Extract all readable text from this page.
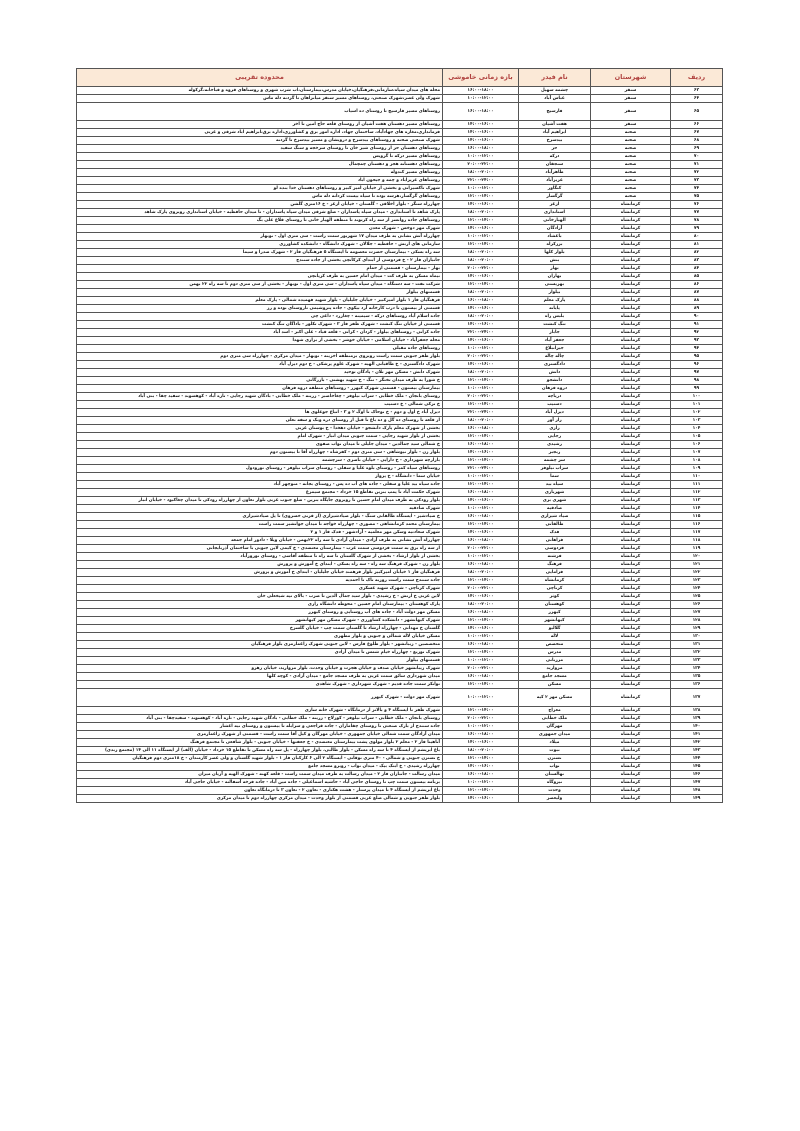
ردیف	شهرستان	نام فیدر	بازه زمانی خاموشی	محدوده تقریبی
۶۳	سنقر	چشمه سهیل	۱۶:۰۰-۱۸:۰۰	محله های میدان سپاه،سازمانی،فرهنگیان،خیابان مدرس،بیمارستان،اب شرب شهری و روستاهای قروه و قباخانه،گرکوله
۶۴	سنقر	عباس آباد	۱۰:۰۰-۱۲:۰۰	شهرک ولی عصر،شهرک صنعتی، روستاهای مسیر سنقر میانراهان تا گردنه دله ماس
۶۵	سنقر	فارسیج	۱۶:۰۰-۱۸:۰۰	روستاهای مسیر فارسیج تا روستای ده اسیاب
۶۶	سنقر	هفت آشیان	۱۴:۰۰-۱۶:۰۰	روستاهای مسیر دهستان هفت آشیان از روستای قلعه حاج امین تا اخر
۶۷	صحنه	ابراهیم آباد	۱۴:۰۰-۱۶:۰۰	فرمانداری،مغازه های جهادآباد، ساختمان جهاد، اداره امور برق و کشاورزی،اداره برق،ابراهیم اباد شرقی و غربی
۶۸	صحنه	بیدسرخ	۱۴:۰۰-۱۶:۰۰	شهرک صنعتی صحنه و روستاهای بیدسرخ و درویشان و مسیر بیدسرخ تا گردنه
۶۹	صحنه	حر	۱۶:۰۰-۱۸:۰۰	روستاهای دهستان حر از روستای شیر خان تا روستای سرخجه و سنگ سفید
۷۰	صحنه	درکه	۱۰:۰۰-۱۲:۰۰	روستاهای مسیر درکه تا گرویس
۷۱	صحنه	سنجقان	۲۰:۰۰-۲۲:۰۰	روستاهای دهستانه هجر و دهستان چمچمال
۷۲	صحنه	طاهرآباد	۱۸:۰۰-۲۰:۰۰	روستاهای مسیر کندوله
۷۳	صحنه	عزیزآباد	۲۲:۰۰-۲۴:۰۰	روستاهای عزیزاباد و چمه و جیحون اباد
۷۴	صحنه	کنگاور	۱۰:۰۰-۱۲:۰۰	شهرک تاکسیرانی و بخشی از خیابان امیر کبیر و روستاهای دهستان خدا بنده لو
۷۵	صحنه	گرگسار	۱۲:۰۰-۱۴:۰۰	روستاهای گرگسار،هرسه بوده تا سیاه بیست کردانه دله ماس
۷۶	کرمانشاه	ازغر	۱۴:۰۰-۱۶:۰۰	چهارراه سنگر - بلوار اخلاقی - گلستان - خیابان ازغر - خ ۱۶متری گلشن
۷۷	کرمانشاه	استانداری	۱۸:۰۰-۲۰:۰۰	پارک شاهد تا استانداری - میدان سپاه پاسداران - ضلع شرقی میدان سپاه پاسداران - تا میدان حافظیه - خیابان استانداری روبروی پارک شاهد
۷۸	کرمانشاه	الهیارخانی	۱۲:۰۰-۱۴:۰۰	روستاهای جاده روانسر از سه راه کرتوند تا منطقه الهیار خانی تا روستای قلاع علی بگ
۷۹	کرمانشاه	آزادگان	۱۴:۰۰-۱۶:۰۰	شهرک مهر دوخس - شهرک معدن
۸۰	کرمانشاه	باغشاد	۱۰:۰۰-۱۲:۰۰	چهارراه آتش نشانی به طرف میدان ۱۷ شهریور سمت راست - سی متری اول - نوبهار
۸۱	کرمانشاه	برزکراه	۱۲:۰۰-۱۴:۰۰	سازمانی های ارتش - حافظیه - جلالان - شهرک دانشگاه - دانشکده کشاورزی
۸۲	کرمانشاه	بلوار کلها	۱۸:۰۰-۲۰:۰۰	سه راه بسکی - بیمارستان حضرت معصومه تا ایستگاه ۵ فرهنگیان فاز ۲ - شهرک صدرا و سیما
۸۳	کرمانشاه	بنش	۱۸:۰۰-۲۰:۰۰	جانبازان فاز ۲ - خ فردوسی از ابتدای کرکانچی بخشی از جاده سنندج
۸۴	کرمانشاه	بهار	۲۰:۰۰-۲۲:۰۰	بهار - بیمارستان - قسمتی از حمام
۸۵	کرمانشاه	بهاران	۱۴:۰۰-۱۶:۰۰	نیماه مسکن به طرف کت - میدان امام حسین به طرف کرپانچی
۸۶	کرمانشاه	بهزیستی	۱۲:۰۰-۱۴:۰۰	شرکت نفت - سه دستگاه - میدان سپاه پاسداران - سی متری اول - نوبهار - بخشی از سی متری دوم تا سه راه ۲۲ بهمن
۸۷	کرمانشاه	بیلوار	۱۸:۰۰-۲۰:۰۰	قسمتهای بیلوار
۸۸	کرمانشاه	پارک معلم	۱۶:۰۰-۱۸:۰۰	فرهنگیان فاز ۱ بلوار امیرکبیر - خیابان جلیلیان - بلوار شهید فهمیده شمالی - پارک معلم
۸۹	کرمانشاه	پایانه	۱۴:۰۰-۱۶:۰۰	قسمتی از بیستون تا درب کارخانه آرد بیکوی - جاده پتروشیمی تاروستای نوده و رز
۹۰	کرمانشاه	بلبس راه	۱۸:۰۰-۲۰:۰۰	جاده اسلام آباد روستاهای درکه - سیمینه - چغازرد - داغی چی
۹۱	کرمانشاه	تنگ کنشت	۱۴:۰۰-۱۶:۰۰	قسمتی از خیابان تنگ کنشت - شهرک ظفر فاز ۳ - شهرک تکلور - باداگان تنگ کنشت
۹۲	کرمانشاه	جاباز	۲۲:۰۰-۲۴:۰۰	جاده کرانی - روستاهای بیلوار - کردان - کرانی - قلعه قباد - علی اکبر - اسد آباد
۹۳	کرمانشاه	جعفر آباد	۱۴:۰۰-۱۶:۰۰	محله جعفرآباد - خیابان اسلامی - خیابان خوشر - بخشی از برازی شهدا
۹۴	کرمانشاه	جیرانبلاغ	۱۰:۰۰-۱۲:۰۰	روستاهای جاده مقبلی
۹۵	کرمانشاه	چاله چاله	۲۰:۰۰-۲۲:۰۰	بلوار ظفر جنوبی سمت راست روبروی برمنطقه اخرینه - توبهار - میدان مرکزی - چهارراه سی متری دوم
۹۶	کرمانشاه	دادگستری	۱۴:۰۰-۱۶:۰۰	شهرک دادگستری - خ طاقبانی الهیه - شهرک علوم پزشکی - خ دوم دیزل آباد
۹۷	کرمانشاه	دانش	۱۸:۰۰-۲۰:۰۰	شهرک دانش - مسکن مهر تلان - پادگان توحید
۹۸	کرمانشاه	دانشجو	۱۲:۰۰-۱۴:۰۰	خ شورا به طرف میدان تختگر - تنگ - خ شهید بهشتی - بازرگانی
۹۹	کرمانشاه	دروه فرهان	۱۰:۰۰-۱۲:۰۰	بیمارستان بیستون - قسمتی شهرک کیهزر - روستاهای منطقه دروه فرهان
۱۰۰	کرمانشاه	دریاچه	۲۰:۰۰-۲۲:۰۰	روستای بانجان - ملک خطابی - سراب نیلوفر - چغاخاضبر - زرینه - ملک خطابی - بادگان شهید رجایی - تازه آباد - کوهسوند - سفید چقا - بنی آباد
۱۰۱	کرمانشاه	دستیب	۱۲:۰۰-۱۴:۰۰	خ ترکی شمالی - خ دستیب
۱۰۲	کرمانشاه	دیزل آباد	۲۲:۰۰-۲۴:۰۰	دیزل آباد خ اول و دوم - خ نوحاک تا اوگ ۲ و ۳ - اتباع جوعلوی ها
۱۰۳	کرمانشاه	راز آور	۱۸:۰۰-۲۰:۰۰	از قلعه تا روستای ده گل و ده باغ تا قبل از روستای دره ونک و سفه نعلی
۱۰۴	کرمانشاه	رازی	۱۶:۰۰-۱۸:۰۰	بخشی از شهرک معلم پارک دانشجو - خیابان دهخدا - خ بوستان غربی
۱۰۵	کرمانشاه	رجایی	۱۲:۰۰-۱۴:۰۰	بخشی از بلوار شهید رجایی - سمت جنوبی میدان انبار - شهرک امام
۱۰۶	کرمانشاه	رشیدی	۱۶:۰۰-۱۸:۰۰	خ شمالی سید جمالدین - میدان جلیلی تا میدان نواب صفوی
۱۰۷	کرمانشاه	رنجبر	۱۴:۰۰-۱۶:۰۰	بلوار زن - بلوار نیوشاهی - سی متری دوم - کفرشاه - چهارراه آقا تا بیستون دوم
۱۰۸	کرمانشاه	سر چشمه	۱۲:۰۰-۱۴:۰۰	بازارچه شهرداری - خ دارایی - خیابان ناصری - سرچشمه
۱۰۹	کرمانشاه	سراب نیلوفر	۲۲:۰۰-۲۴:۰۰	روستاهای سیاه کمر - روستای بلوه علیا و سفلی - روستای سراب نیلوفر - روستای تورودول
۱۱۰	کرمانشاه	سما	۱۰:۰۰-۱۲:۰۰	خیابان سما - دانشگاه - خ پرواز
۱۱۱	کرمانشاه	سیاه بید	۱۲:۰۰-۱۴:۰۰	جاده سیاه بید علیا و سفلی - جاده های آب ده پس - روستای بجانه - منوچهر آباد
۱۱۲	کرمانشاه	شهربازی	۱۶:۰۰-۱۸:۰۰	شهرک حکمت آباد تا پمپ بنزین تقاطع ۱۵ خرداد - مجتمع سیمرغ
۱۱۳	کرمانشاه	شهری بری	۱۴:۰۰-۱۶:۰۰	بلوار رودکی به طرف میدان امام حسین تا روبروی جایگاه بنزین - ضلع جنوب غربی بلوار تعاون از چهارراه رودکی تا میدان چغاکبود - خیابان انبار
۱۱۴	کرمانشاه	صادقیه	۱۰:۰۰-۱۲:۰۰	شهرک صادقیه
۱۱۵	کرمانشاه	صیاد شیرازی	۱۶:۰۰-۱۸:۰۰	خ صیادشیر - ایستگاه طالقانی سنگ - بلوار صیادشیرازی (از قرنی خسروی) تا پل صیادشیرازی
۱۱۶	کرمانشاه	طالقانی	۱۲:۰۰-۱۴:۰۰	بیمارستان محمد کرمانشاهی - مصوری - چهارراه خواجه تا میدان جوانشیر سمت راست
۱۱۷	کرمانشاه	فدک	۱۴:۰۰-۱۶:۰۰	شهرک سعادتیه وسکن مهر معلمیه - آزادشهر - فدک فاز ۱ و ۲
۱۱۸	کرمانشاه	فراهانی	۱۶:۰۰-۱۸:۰۰	چهارراه آتش نشانی به طرف آزادی - میدان آزادی تا سه راه ۲۲بهمن - خیابان ویلا - دادور امام جمعه
۱۱۹	کرمانشاه	فردوسی	۲۰:۰۰-۲۲:۰۰	از سه راه برق به سمت فردوسی سمت غرب - بیمارستان معتضدی - خ کیمی لاین جنوبی با ساختمان آذربایجانی
۱۲۰	کرمانشاه	فرشته	۱۰:۰۰-۱۲:۰۰	بخشی از بلوار ارشاد - بخشی از شهرک گلستان تا سه راه تا منطقه آقاسی - روستای نوروزآباد
۱۲۱	کرمانشاه	فرهنگ	۱۶:۰۰-۱۸:۰۰	بلوار زن - شهرک فرهنگ سه راه - سه راه بسکی - ابتدای خ آموزش و پرورش
۱۲۲	کرمانشاه	فرامایی	۱۸:۰۰-۲۰:۰۰	فرهنگیان فاز ۱ خیابان امیرکبیر بلوار فرهمند خیابان جلیلیان - ابتدای خ آموزش و پرورش
۱۲۳	کرمانشاه	کرمانشاه	۱۲:۰۰-۱۴:۰۰	جاده سنندج سمت راست روزبه تاک تا احمدیه
۱۲۴	کرمانشاه	کرناچی	۲۰:۰۰-۲۲:۰۰	شهرک کرناچی - شهرک شهید عسکری
۱۲۵	کرمانشاه	کوثر	۱۴:۰۰-۱۶:۰۰	لاین غربی خ ارتش - خ رشیدی - بلوار سید جمال الدین تا ضرب - بالای تپه شیخعلی خان
۱۲۶	کرمانشاه	کوهستان	۱۸:۰۰-۲۰:۰۰	پارک کوهستان - بیمارستان امام حسین - محوطه دانشگاه رازی
۱۲۷	کرمانشاه	کیهزر	۱۶:۰۰-۱۸:۰۰	مسکن مهر دولت آباد - جاده های آب روستایی و روستای کیهزر
۱۲۸	کرمانشاه	کیهانشهر	۱۲:۰۰-۱۴:۰۰	شهرک کیهانشهر - دانشکده کشاورزی - شهرک مسکن مهر کیهانشهر
۱۲۹	کرمانشاه	گلالیو	۱۴:۰۰-۱۶:۰۰	گلستان خ مهدانی - چهارراه ارشاد تا گلستان سمت چپ - خیابان گلسرخ
۱۳۰	کرمانشاه	لاله	۱۰:۰۰-۱۲:۰۰	مسکن خیابان لاله شمالی و جنوبی و بلوار مطهری
۱۳۱	کرمانشاه	متحصص	۱۶:۰۰-۱۸:۰۰	متخصصین - زیبانشهر - بلوار طلوع فارس - لاین جنوبی شهرک زاغمارمری بلوار فرهنگیان
۱۳۲	کرمانشاه	مدرس	۱۲:۰۰-۱۴:۰۰	شهرک توزیع - چهارراه خیام شمس تا میدان آزادی
۱۳۳	کرمانشاه	مرزبانی	۱۰:۰۰-۱۲:۰۰	قسمتهای بیلوار
۱۳۴	کرمانشاه	مروارید	۲۰:۰۰-۲۲:۰۰	شهرک زیبانشهر خیابان صدف و خیابان هجرت و خیابان وحدت، بلوار مروارید، خیابان زهرو
۱۳۵	کرمانشاه	مسجد جامع	۱۶:۰۰-۱۸:۰۰	میدان شهرداری سائق سمت غربی به طرف مسجد جامع - میدان آزادی - کوچه کلها
۱۳۶	کرمانشاه	مسکن	۱۲:۰۰-۱۴:۰۰	توانکر سمت جاده قدیم - شهرک شهرداری - شهرک شاهدی
۱۳۷	کرمانشاه	مسکن مهر ۲ کیه	۱۰:۰۰-۱۲:۰۰	شهرک مهر دولت - شهرک کیهزر
۱۳۸	کرمانشاه	معراج	۱۲:۰۰-۱۴:۰۰	شهرک ظفر تا ایستگاه ۴ و بالاتر از درمانگاه - شهرک خانه سازی
۱۳۹	کرمانشاه	ملک خطابی	۲۰:۰۰-۲۲:۰۰	روستای بانجان - ملک خطابی - سراب نیلوفر - کوزلاج - زرینه - ملک خطابی - بادگان شهید رجایی - تازه آباد - کوهسوند - سفیدچقا - بنی آباد
۱۴۰	کرمانشاه	مهرگان	۱۰:۰۰-۱۲:۰۰	جاده سنندج از بارک صنعتی تا روستای چقاماران - جاده قراجعی و سرابله تا بیستون و روستای نیه اغشار
۱۴۱	کرمانشاه	میدان جمهوری	۱۶:۰۰-۱۸:۰۰	میدان آزادگان سمت شمالی خیابان جمهوری - خیابان مهرگان و کیل آقا سمت راست - قسمتی از شهرک زاغمارمری
۱۴۲	کرمانشاه	میلاد	۱۴:۰۰-۱۶:۰۰	آناهیتا فاز ۲ - معلم ۲ بلوار مولوی پشت بیمارستان معتضدی - خ جعفتها - خیابان جنوبی - بلوار شافعی تا مجتمع فرهنگ
۱۴۳	کرمانشاه	نبوت	۱۸:۰۰-۲۰:۰۰	باغ ابریشم از ایستگاه ۴ تا سه راه مسکن - بلوار طالبی، بلوار چهارراه - پل سه راه مسکن تا تقاطع ۱۵ خرداد - خیابان (الف) از ایستگاه ۱۱ الی ۱۴ (مجتمع زندی)
۱۴۴	کرمانشاه	نسترن	۱۲:۰۰-۱۴:۰۰	خ نسترن جنوبی و شمالی - ۴۰ متری نوقانی - ایستگاه ۲ الی ۶ کارکنان فاز ۱ - بلوار شهید گلستان و ولی عصر کارمندان - خ ۱۸متری دوم فرهنگیان
۱۴۵	کرمانشاه	نواب	۱۴:۰۰-۱۶:۰۰	چهارراه رشیدی - خ ابتک بیک - میدان نواب - روبرو مسجد جامع
۱۴۶	کرمانشاه	نهالستان	۱۶:۰۰-۱۸:۰۰	میدان رسالت - جانبازان فاز ۲ - میدان رسالت به طرف میدان سمت راست - قلعه کهنه - شهرک الهیه و آزیان میزان
۱۴۷	کرمانشاه	نیروگاه	۱۰:۰۰-۱۲:۰۰	برنامه بیستون سمت چپ تا روستای حاجی آباد - حاشیه اسماعیلی - جاده مین آباد - جاده فرخه آسفالته - خیابان حاجی آباد
۱۴۸	کرمانشاه	وحدت	۱۲:۰۰-۱۴:۰۰	باغ ابریشم از ایستگاه ۴ تا میدان پرستار - هشت هکتاری - تعاون ۲ - تعاون ۳ تا درمانگاه تعاون
۱۴۹	کرمانشاه	ولیعصر	۱۴:۰۰-۱۶:۰۰	بلوار ظفر جنوبی و شمالی ضلع غربی قسمتی از بلوار وحدت - میدان مرکزی چهارراه دوم تا میدان مرکزی
